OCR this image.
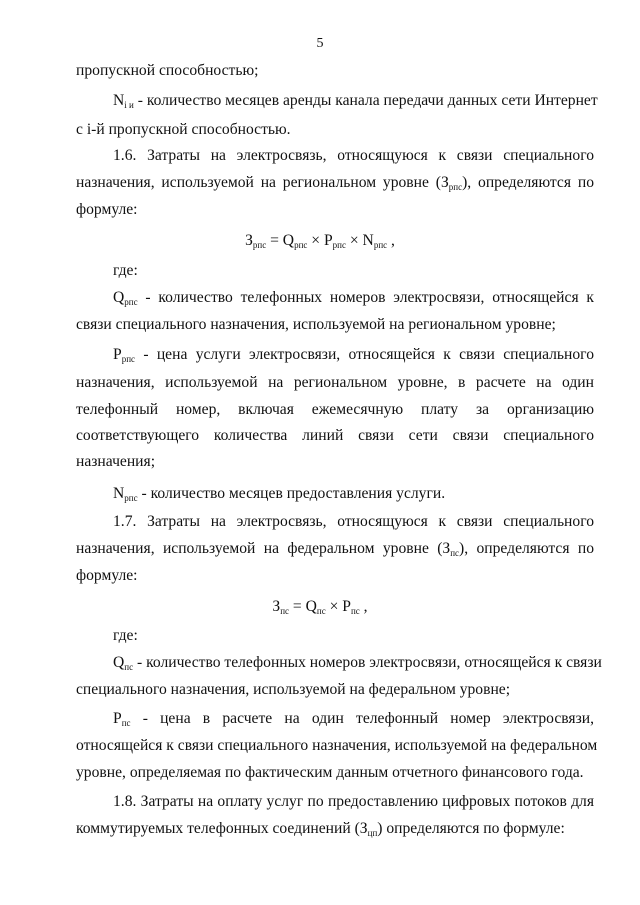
5
пропускной способностью;
$N_{i и}$ - количество месяцев аренды канала передачи данных сети Интернет
с i-й пропускной способностью.
1.6. Затраты на электросвязь, относящуюся к связи специального
назначения, используемой на региональном уровне $(З_{рпс})$, определяются по
формуле:
$З_{рпс} = Q_{рпс} \times P_{рпс} \times N_{рпс}$ ,
где:
$Q_{рпс}$ - количество телефонных номеров электросвязи, относящейся к
связи специального назначения, используемой на региональном уровне;
$P_{рпс}$ - цена услуги электросвязи, относящейся к связи специального
назначения, используемой на региональном уровне, в расчете на один
телефонный номер, включая ежемесячную плату за организацию
соответствующего количества линий связи сети связи специального
назначения;
$N_{рпс}$ - количество месяцев предоставления услуги.
1.7. Затраты на электросвязь, относящуюся к связи специального
назначения, используемой на федеральном уровне $(З_{пс})$, определяются по
формуле:
$З_{пс} = Q_{пс} \times P_{пс}$ ,
где:
$Q_{пс}$ - количество телефонных номеров электросвязи, относящейся к связи
специального назначения, используемой на федеральном уровне;
$P_{пс}$ - цена в расчете на один телефонный номер электросвязи,
относящейся к связи специального назначения, используемой на федеральном
уровне, определяемая по фактическим данным отчетного финансового года.
1.8. Затраты на оплату услуг по предоставлению цифровых потоков для
коммутируемых телефонных соединений $(З_{цп})$ определяются по формуле:
